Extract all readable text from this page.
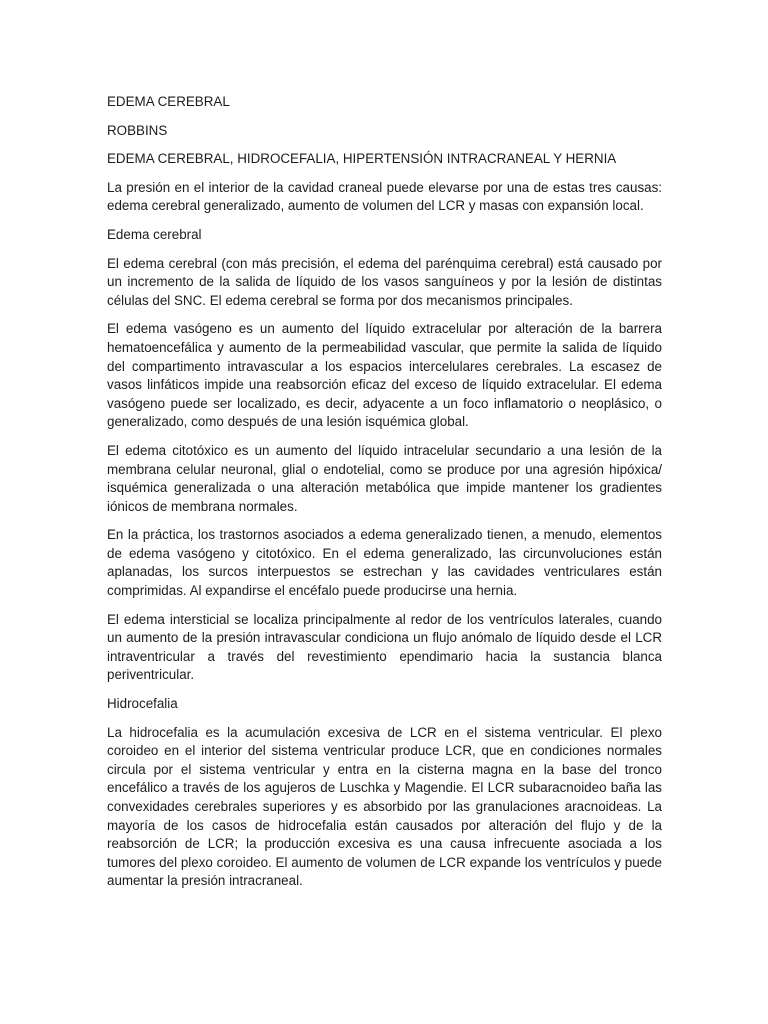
EDEMA CEREBRAL

ROBBINS

EDEMA CEREBRAL, HIDROCEFALIA, HIPERTENSIÓN INTRACRANEAL Y HERNIA

La presión en el interior de la cavidad craneal puede elevarse por una de estas tres causas: edema cerebral generalizado, aumento de volumen del LCR y masas con expansión local.

Edema cerebral

El edema cerebral (con más precisión, el edema del parénquima cerebral) está causado por un incremento de la salida de líquido de los vasos sanguíneos y por la lesión de distintas células del SNC. El edema cerebral se forma por dos mecanismos principales.

El edema vasógeno es un aumento del líquido extracelular por alteración de la barrera hematoencefálica y aumento de la permeabilidad vascular, que permite la salida de líquido del compartimento intravascular a los espacios intercelulares cerebrales. La escasez de vasos linfáticos impide una reabsorción eficaz del exceso de líquido extracelular. El edema vasógeno puede ser localizado, es decir, adyacente a un foco inflamatorio o neoplásico, o generalizado, como después de una lesión isquémica global.

El edema citotóxico es un aumento del líquido intracelular secundario a una lesión de la membrana celular neuronal, glial o endotelial, como se produce por una agresión hipóxica/ isquémica generalizada o una alteración metabólica que impide mantener los gradientes iónicos de membrana normales.

En la práctica, los trastornos asociados a edema generalizado tienen, a menudo, elementos de edema vasógeno y citotóxico. En el edema generalizado, las circunvoluciones están aplanadas, los surcos interpuestos se estrechan y las cavidades ventriculares están comprimidas. Al expandirse el encéfalo puede producirse una hernia.

El edema intersticial se localiza principalmente al redor de los ventrículos laterales, cuando un aumento de la presión intravascular condiciona un flujo anómalo de líquido desde el LCR intraventricular a través del revestimiento ependimario hacia la sustancia blanca periventricular.

Hidrocefalia

La hidrocefalia es la acumulación excesiva de LCR en el sistema ventricular. El plexo coroideo en el interior del sistema ventricular produce LCR, que en condiciones normales circula por el sistema ventricular y entra en la cisterna magna en la base del tronco encefálico a través de los agujeros de Luschka y Magendie. El LCR subaracnoideo baña las convexidades cerebrales superiores y es absorbido por las granulaciones aracnoideas. La mayoría de los casos de hidrocefalia están causados por alteración del flujo y de la reabsorción de LCR; la producción excesiva es una causa infrecuente asociada a los tumores del plexo coroideo. El aumento de volumen de LCR expande los ventrículos y puede aumentar la presión intracraneal.
